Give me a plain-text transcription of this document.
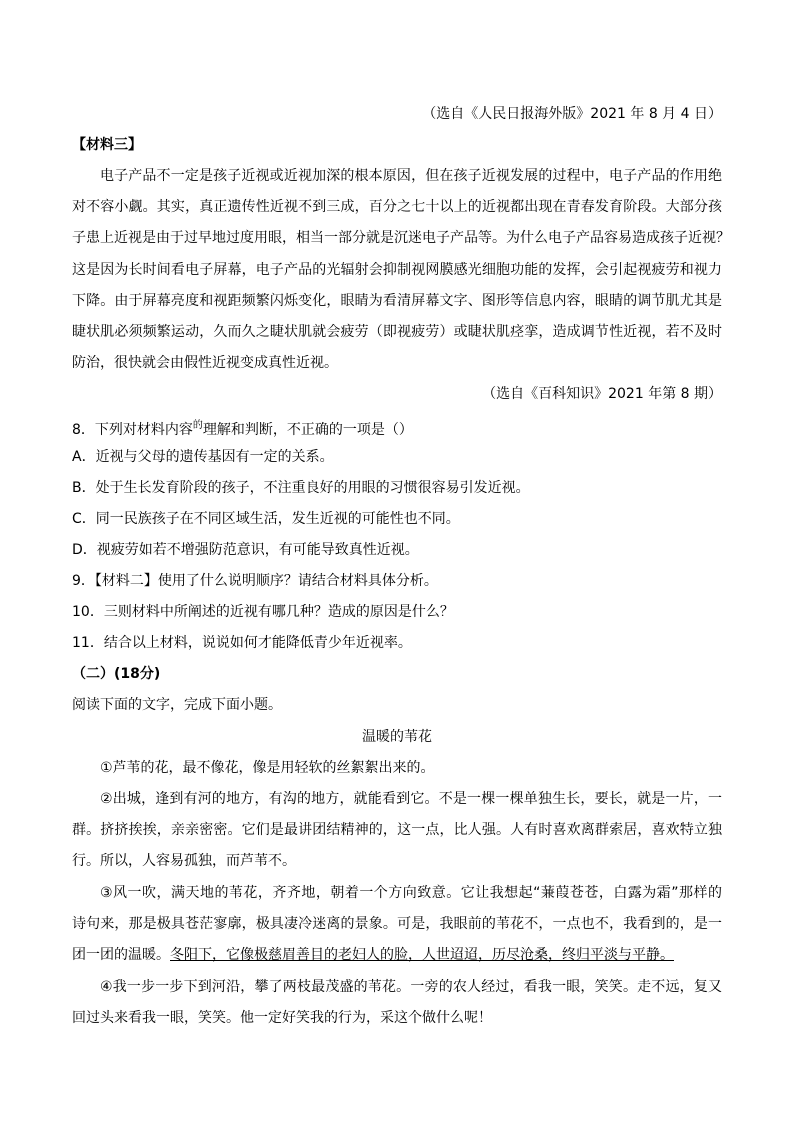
（选自《人民日报海外版》2021 年 8 月 4 日）
【材料三】
电子产品不一定是孩子近视或近视加深的根本原因，但在孩子近视发展的过程中，电子产品的作用绝
对不容小觑。其实，真正遗传性近视不到三成，百分之七十以上的近视都出现在青春发育阶段。大部分孩
子患上近视是由于过早地过度用眼，相当一部分就是沉迷电子产品等。为什么电子产品容易造成孩子近视？
这是因为长时间看电子屏幕，电子产品的光辐射会抑制视网膜感光细胞功能的发挥，会引起视疲劳和视力
下降。由于屏幕亮度和视距频繁闪烁变化，眼睛为看清屏幕文字、图形等信息内容，眼睛的调节肌尤其是
睫状肌必须频繁运动，久而久之睫状肌就会疲劳（即视疲劳）或睫状肌痉挛，造成调节性近视，若不及时
防治，很快就会由假性近视变成真性近视。
（选自《百科知识》2021 年第 8 期）
8．下列对材料内容$^的$理解和判断，不正确的一项是（）
A．近视与父母的遗传基因有一定的关系。
B．处于生长发育阶段的孩子，不注重良好的用眼的习惯很容易引发近视。
C．同一民族孩子在不同区域生活，发生近视的可能性也不同。
D．视疲劳如若不增强防范意识，有可能导致真性近视。
9．【材料二】使用了什么说明顺序？请结合材料具体分析。
10．三则材料中所阐述的近视有哪几种？造成的原因是什么？
11．结合以上材料，说说如何才能降低青少年近视率。
（二）(18分)
阅读下面的文字，完成下面小题。
温暖的苇花
①芦苇的花，最不像花，像是用轻软的丝絮絮出来的。
②出城，逢到有河的地方，有沟的地方，就能看到它。不是一棵一棵单独生长，要长，就是一片，一
群。挤挤挨挨，亲亲密密。它们是最讲团结精神的，这一点，比人强。人有时喜欢离群索居，喜欢特立独
行。所以，人容易孤独，而芦苇不。
③风一吹，满天地的苇花，齐齐地，朝着一个方向致意。它让我想起“蒹葭苍苍，白露为霜”那样的
诗句来，那是极具苍茫寥廓，极具凄冷迷离的景象。可是，我眼前的苇花不，一点也不，我看到的，是一
团一团的温暖。冬阳下，它像极慈眉善目的老妇人的脸，人世迢迢，历尽沧桑，终归平淡与平静。
④我一步一步下到河沿，攀了两枝最茂盛的苇花。一旁的农人经过，看我一眼，笑笑。走不远，复又
回过头来看我一眼，笑笑。他一定好笑我的行为，采这个做什么呢！
